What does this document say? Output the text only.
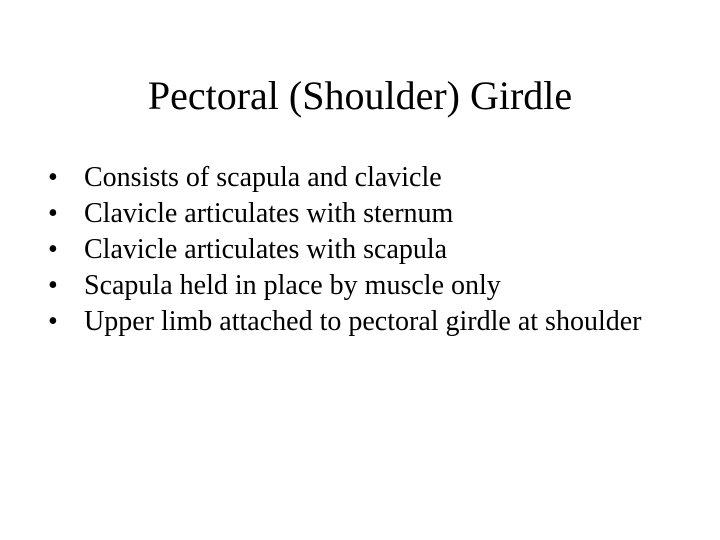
Pectoral (Shoulder) Girdle
• Consists of scapula and clavicle
• Clavicle articulates with sternum
• Clavicle articulates with scapula
• Scapula held in place by muscle only
• Upper limb attached to pectoral girdle at shoulder
